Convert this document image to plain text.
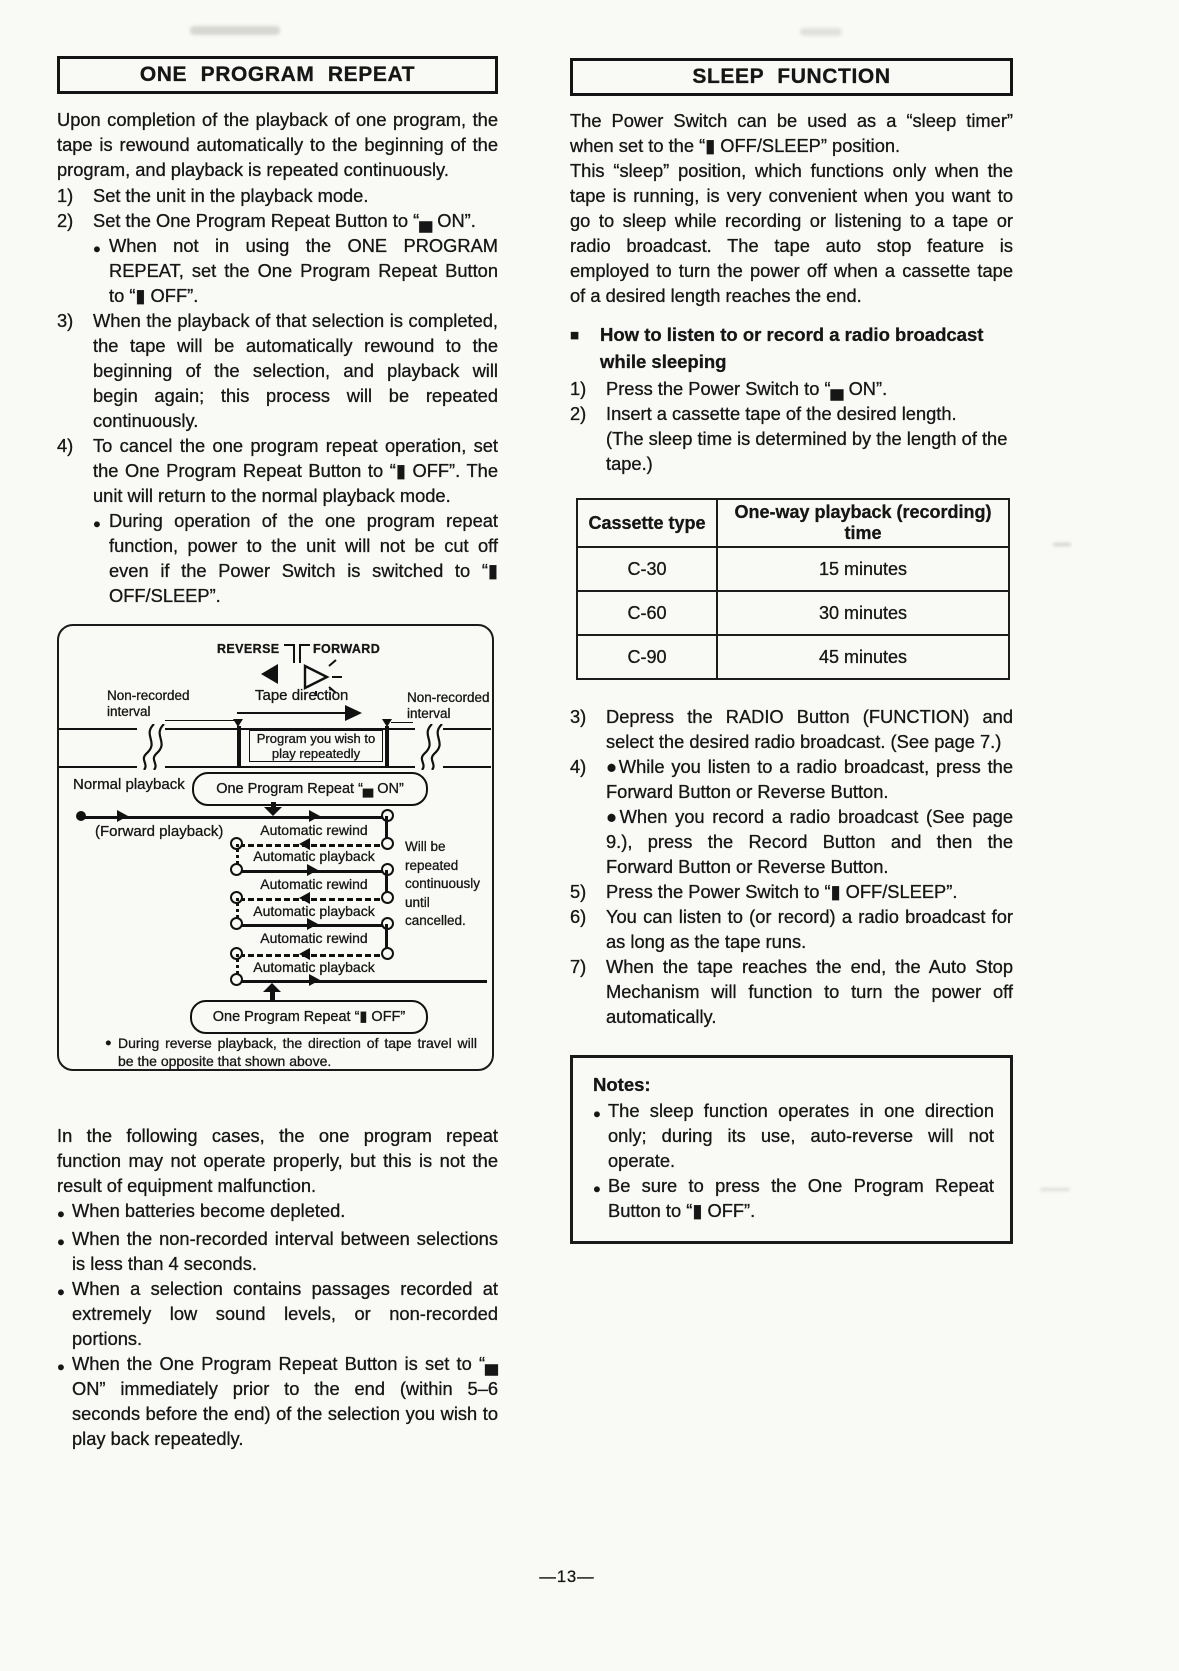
ONE PROGRAM REPEAT

Upon completion of the playback of one program, the tape is rewound automatically to the beginning of the program, and playback is repeated continuously.

1)	Set the unit in the playback mode.
2)	Set the One Program Repeat Button to “▄ ON”.
● When not in using the ONE PROGRAM REPEAT, set the One Program Repeat Button to “▮ OFF”.
3)	When the playback of that selection is completed, the tape will be automatically rewound to the beginning of the selection, and playback will begin again; this process will be repeated continuously.
4)	To cancel the one program repeat operation, set the One Program Repeat Button to “▮ OFF”. The unit will return to the normal playback mode.
● During operation of the one program repeat function, power to the unit will not be cut off even if the Power Switch is switched to “▮ OFF/SLEEP”.
REVERSE	FORWARD
Tape direction
Non-recorded interval
Non-recorded interval
Program you wish to play repeatedly
One Program Repeat “▄ ON”
Normal playback
(Forward playback)	Automatic rewind
Automatic playback
Automatic rewind
Automatic playback
Automatic rewind
Automatic playback
Will be repeated continuously until cancelled.
One Program Repeat “▮ OFF”
● During reverse playback, the direction of tape travel will be the opposite that shown above.

In the following cases, the one program repeat function may not operate properly, but this is not the result of equipment malfunction.

● When batteries become depleted.
● When the non-recorded interval between selections is less than 4 seconds.
● When a selection contains passages recorded at extremely low sound levels, or non-recorded portions.
● When the One Program Repeat Button is set to “▄ ON” immediately prior to the end (within 5–6 seconds before the end) of the selection you wish to play back repeatedly.
SLEEP FUNCTION

The Power Switch can be used as a “sleep timer” when set to the “▮ OFF/SLEEP” position.

This “sleep” position, which functions only when the tape is running, is very convenient when you want to go to sleep while recording or listening to a tape or radio broadcast. The tape auto stop feature is employed to turn the power off when a cassette tape of a desired length reaches the end.

■	How to listen to or record a radio broadcast while sleeping
1)	Press the Power Switch to “▄ ON”.
2)	Insert a cassette tape of the desired length.
(The sleep time is determined by the length of the tape.)
Cassette type	One-way playback (recording) time
C-30	15 minutes
C-60	30 minutes
C-90	45 minutes
3)	Depress the RADIO Button (FUNCTION) and select the desired radio broadcast. (See page 7.)
4)	●While you listen to a radio broadcast, press the Forward Button or Reverse Button.
●When you record a radio broadcast (See page 9.), press the Record Button and then the Forward Button or Reverse Button.
5)	Press the Power Switch to “▮ OFF/SLEEP”.
6)	You can listen to (or record) a radio broadcast for as long as the tape runs.
7)	When the tape reaches the end, the Auto Stop Mechanism will function to turn the power off automatically.
Notes:
● The sleep function operates in one direction only; during its use, auto-reverse will not operate.
● Be sure to press the One Program Repeat Button to “▮ OFF”.
—13—
